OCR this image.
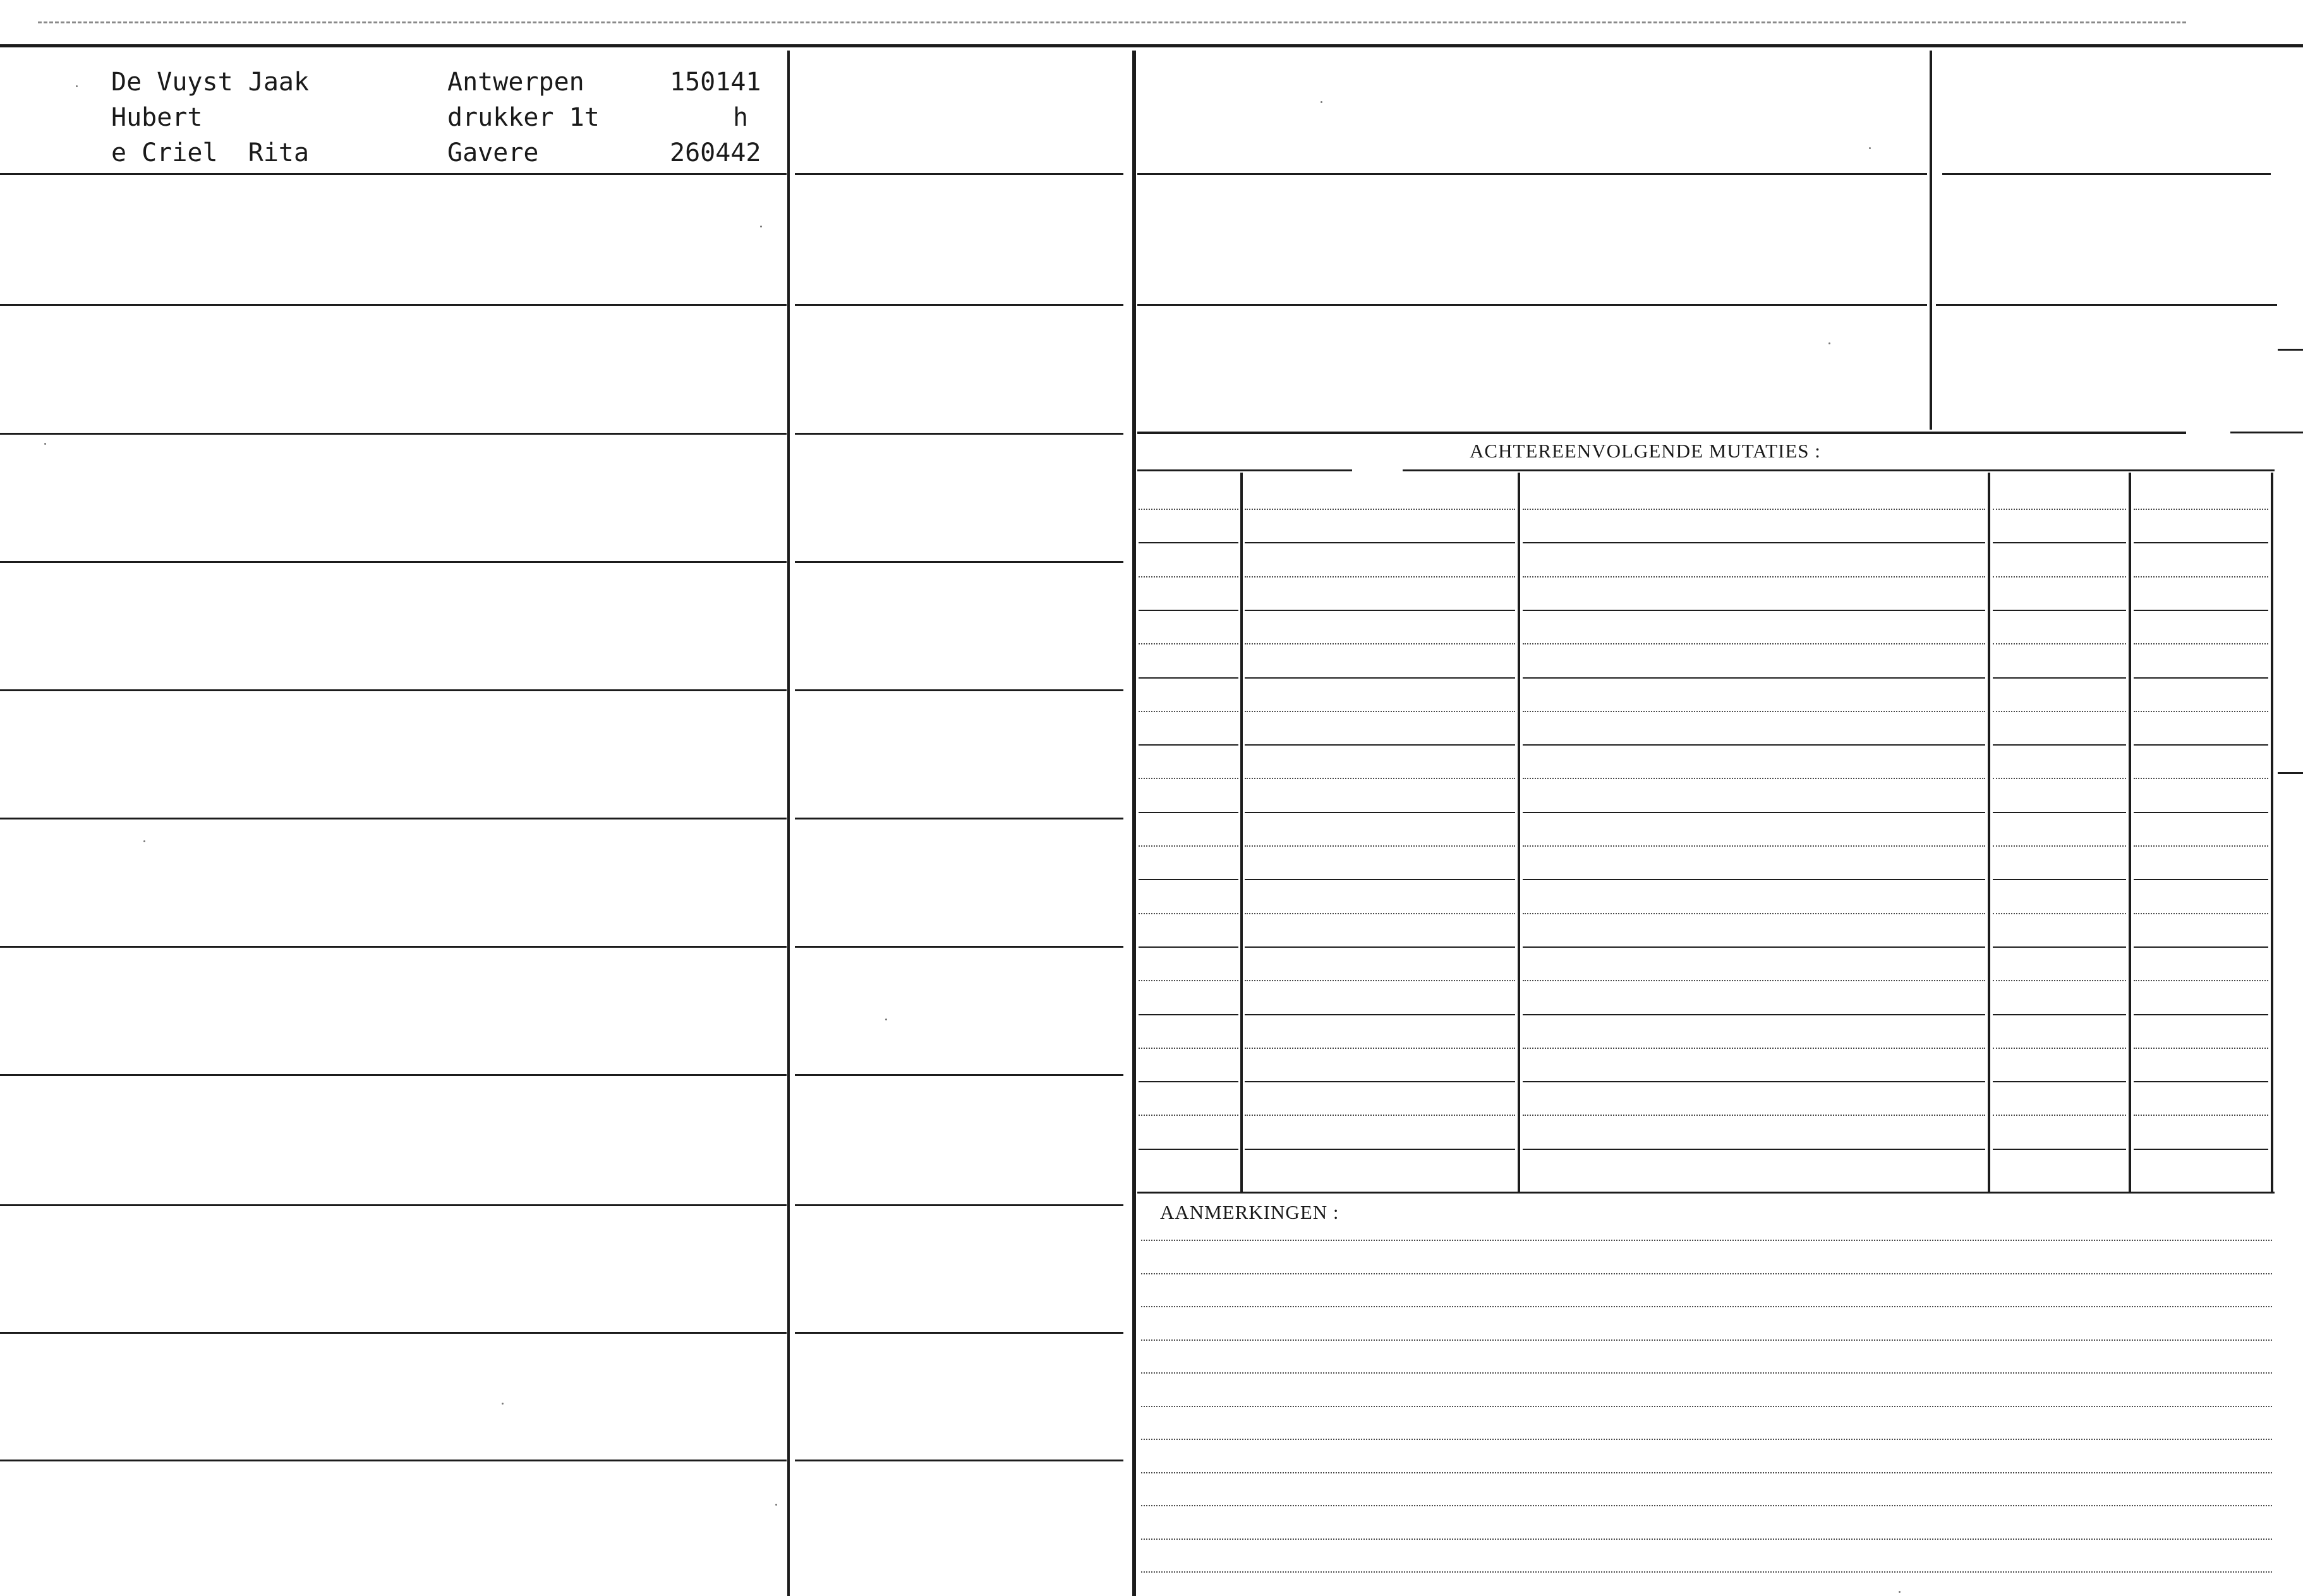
De Vuyst Jaak
Hubert
e Criel  Rita
Antwerpen
drukker 1t
Gavere
150141
h
260442
ACHTEREENVOLGENDE MUTATIES :
AANMERKINGEN :
